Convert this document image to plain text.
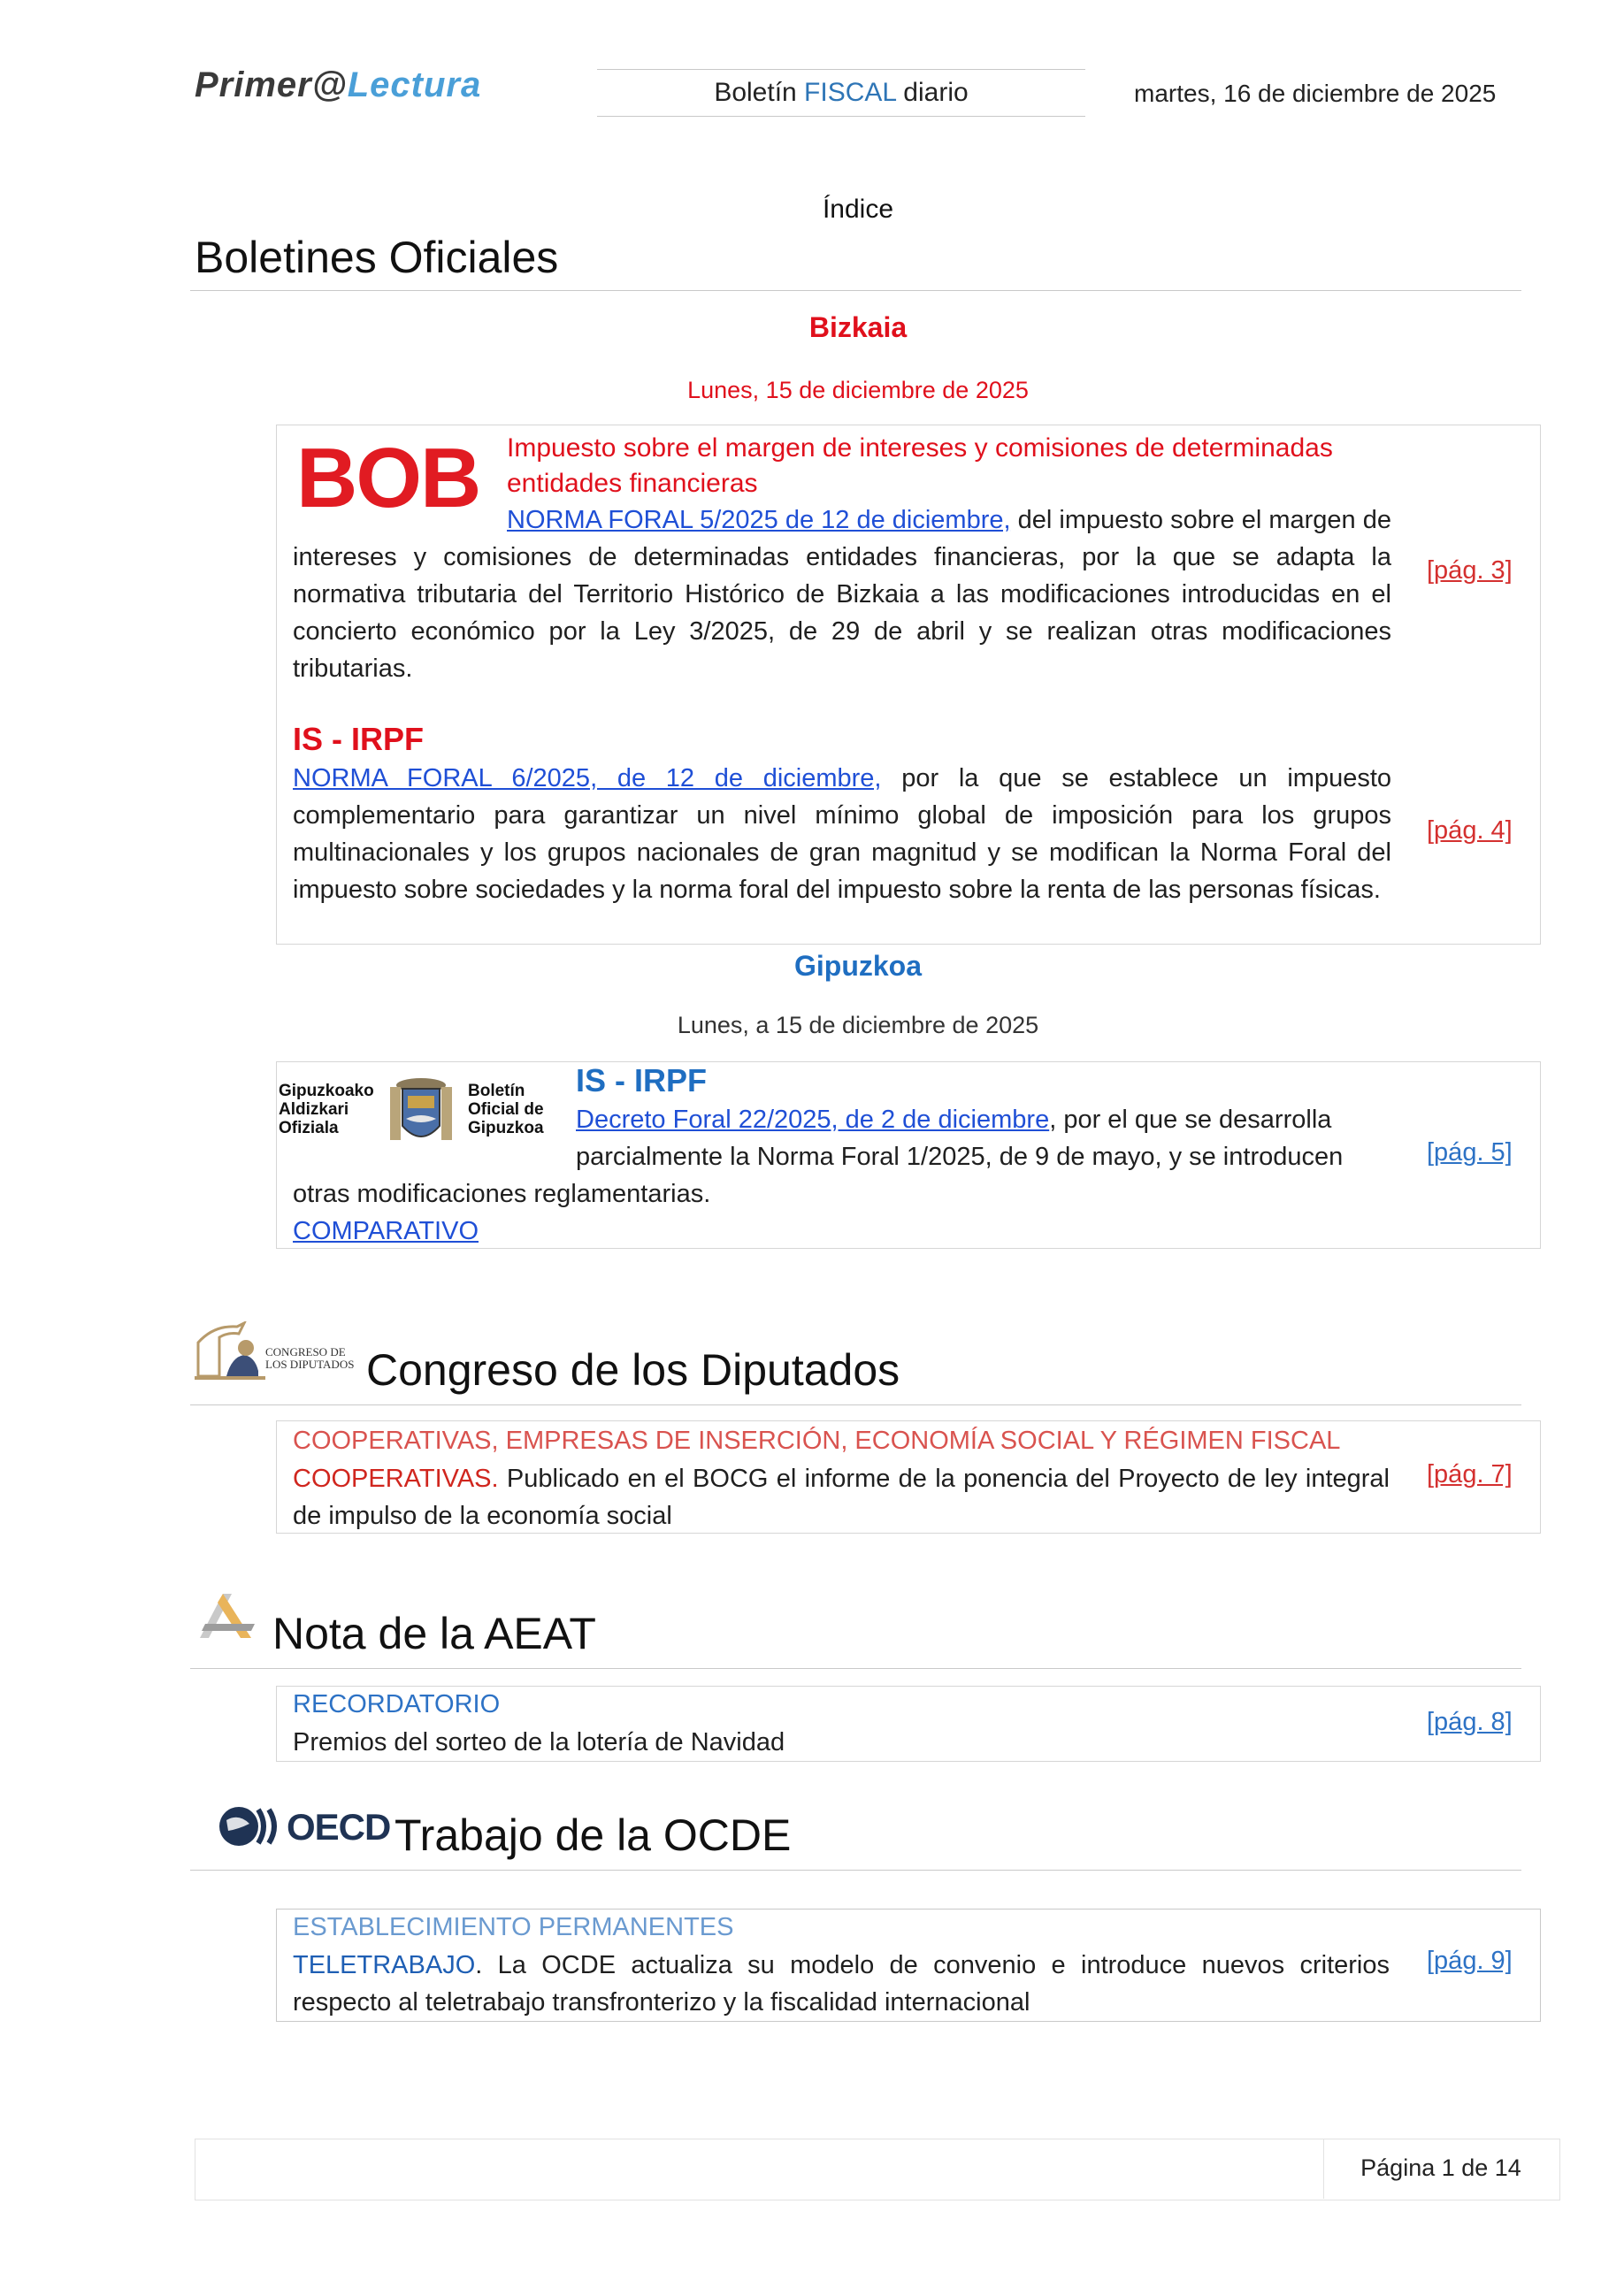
Primer@Lectura	Boletín FISCAL diario	martes, 16 de diciembre de 2025
Índice
Boletines Oficiales
Bizkaia
Lunes, 15 de diciembre de 2025
BOB Impuesto sobre el margen de intereses y comisiones de determinadas entidades financieras
NORMA FORAL 5/2025 de 12 de diciembre, del impuesto sobre el margen de intereses y comisiones de determinadas entidades financieras, por la que se adapta la normativa tributaria del Territorio Histórico de Bizkaia a las modificaciones introducidas en el concierto económico por la Ley 3/2025, de 29 de abril y se realizan otras modificaciones tributarias.
[pág. 3]
IS - IRPF
NORMA FORAL 6/2025, de 12 de diciembre, por la que se establece un impuesto complementario para garantizar un nivel mínimo global de imposición para los grupos multinacionales y los grupos nacionales de gran magnitud y se modifican la Norma Foral del impuesto sobre sociedades y la norma foral del impuesto sobre la renta de las personas físicas.
[pág. 4]
Gipuzkoa
Lunes, a 15 de diciembre de 2025
Gipuzkoako
Aldizkari
Ofiziala
Boletín
Oficial de
Gipuzkoa
IS - IRPF
Decreto Foral 22/2025, de 2 de diciembre, por el que se desarrolla
parcialmente la Norma Foral 1/2025, de 9 de mayo, y se introducen
otras modificaciones reglamentarias.
COMPARATIVO
[pág. 5]
CONGRESO DE
LOS DIPUTADOS Congreso de los Diputados
COOPERATIVAS, EMPRESAS DE INSERCIÓN, ECONOMÍA SOCIAL Y RÉGIMEN FISCAL
COOPERATIVAS. Publicado en el BOCG el informe de la ponencia del Proyecto de ley integral de impulso de la economía social
[pág. 7]
Nota de la AEAT
RECORDATORIO
Premios del sorteo de la lotería de Navidad
[pág. 8]
OECD Trabajo de la OCDE
ESTABLECIMIENTO PERMANENTES
TELETRABAJO. La OCDE actualiza su modelo de convenio e introduce nuevos criterios respecto al teletrabajo transfronterizo y la fiscalidad internacional
[pág. 9]
Página 1 de 14
